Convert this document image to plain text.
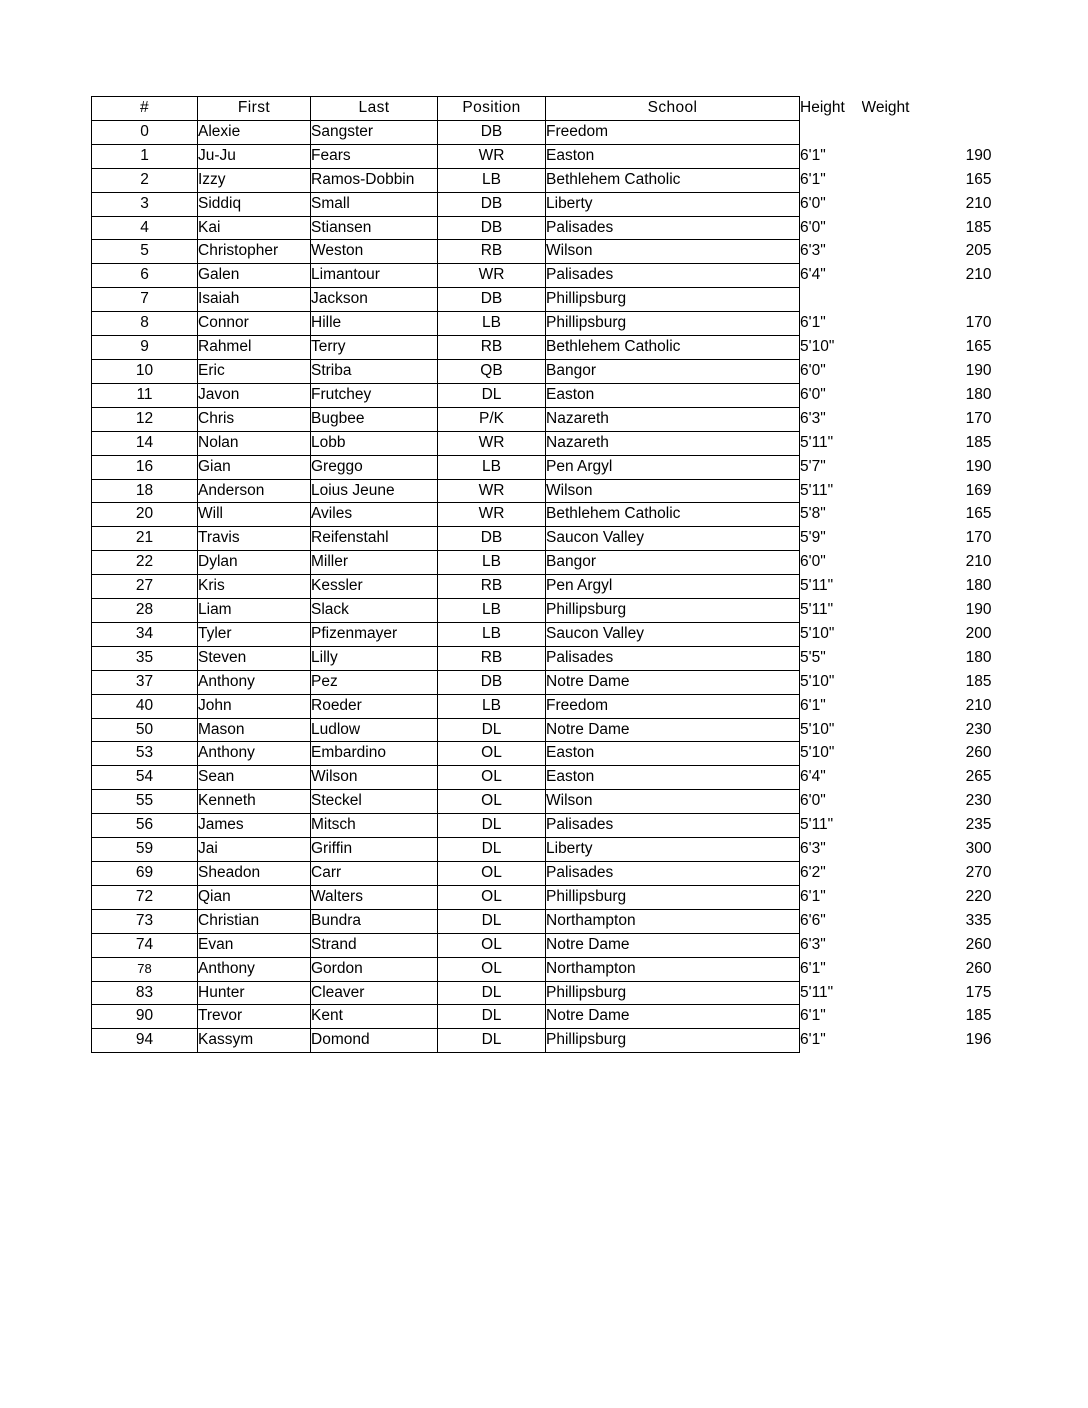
#	First	Last	Position	School	Height	Weight
0	Alexie	Sangster	DB	Freedom		
1	Ju-Ju	Fears	WR	Easton	6'1"	190
2	Izzy	Ramos-Dobbin	LB	Bethlehem Catholic	6'1"	165
3	Siddiq	Small	DB	Liberty	6'0"	210
4	Kai	Stiansen	DB	Palisades	6'0"	185
5	Christopher	Weston	RB	Wilson	6'3"	205
6	Galen	Limantour	WR	Palisades	6'4"	210
7	Isaiah	Jackson	DB	Phillipsburg		
8	Connor	Hille	LB	Phillipsburg	6'1"	170
9	Rahmel	Terry	RB	Bethlehem Catholic	5'10"	165
10	Eric	Striba	QB	Bangor	6'0"	190
11	Javon	Frutchey	DL	Easton	6'0"	180
12	Chris	Bugbee	P/K	Nazareth	6'3"	170
14	Nolan	Lobb	WR	Nazareth	5'11"	185
16	Gian	Greggo	LB	Pen Argyl	5'7"	190
18	Anderson	Loius Jeune	WR	Wilson	5'11"	169
20	Will	Aviles	WR	Bethlehem Catholic	5'8"	165
21	Travis	Reifenstahl	DB	Saucon Valley	5'9"	170
22	Dylan	Miller	LB	Bangor	6'0"	210
27	Kris	Kessler	RB	Pen Argyl	5'11"	180
28	Liam	Slack	LB	Phillipsburg	5'11"	190
34	Tyler	Pfizenmayer	LB	Saucon Valley	5'10"	200
35	Steven	Lilly	RB	Palisades	5'5"	180
37	Anthony	Pez	DB	Notre Dame	5'10"	185
40	John	Roeder	LB	Freedom	6'1"	210
50	Mason	Ludlow	DL	Notre Dame	5'10"	230
53	Anthony	Embardino	OL	Easton	5'10"	260
54	Sean	Wilson	OL	Easton	6'4"	265
55	Kenneth	Steckel	OL	Wilson	6'0"	230
56	James	Mitsch	DL	Palisades	5'11"	235
59	Jai	Griffin	DL	Liberty	6'3"	300
69	Sheadon	Carr	OL	Palisades	6'2"	270
72	Qian	Walters	OL	Phillipsburg	6'1"	220
73	Christian	Bundra	DL	Northampton	6'6"	335
74	Evan	Strand	OL	Notre Dame	6'3"	260
78	Anthony	Gordon	OL	Northampton	6'1"	260
83	Hunter	Cleaver	DL	Phillipsburg	5'11"	175
90	Trevor	Kent	DL	Notre Dame	6'1"	185
94	Kassym	Domond	DL	Phillipsburg	6'1"	196
